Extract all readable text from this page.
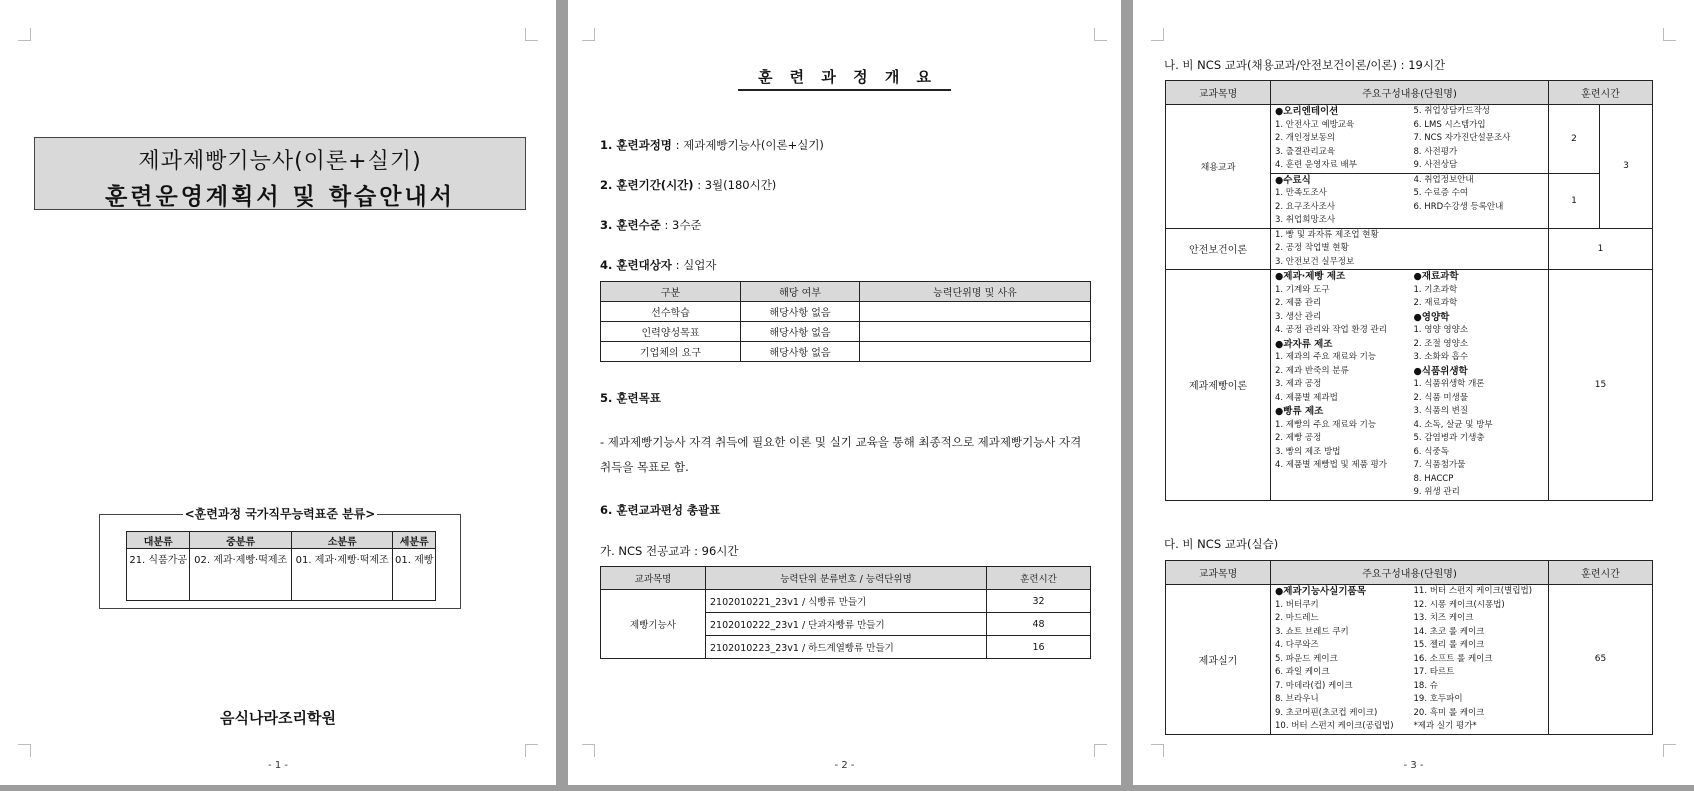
제과제빵기능사(이론+실기)
훈련운영계획서 및 학습안내서
<훈련과정 국가직무능력표준 분류>
대분류	중분류	소분류	세분류
21. 식품가공	02. 제과·제빵·떡제조	01. 제과·제빵·떡제조	01. 제빵
음식나라조리학원
- 1 -
훈 련 과 정 개 요
1. 훈련과정명 : 제과제빵기능사(이론+실기)
2. 훈련기간(시간) : 3월(180시간)
3. 훈련수준 : 3수준
4. 훈련대상자 : 실업자
구분	해당 여부	능력단위명 및 사유
선수학습	해당사항 없음	
인력양성목표	해당사항 없음	
기업체의 요구	해당사항 없음	
5. 훈련목표
- 제과제빵기능사 자격 취득에 필요한 이론 및 실기 교육을 통해 최종적으로 제과제빵기능사 자격 취득을 목표로 함.
6. 훈련교과편성 총괄표
가. NCS 전공교과 : 96시간
교과목명	능력단위 분류번호 / 능력단위명	훈련시간
제빵기능사	2102010221_23v1 / 식빵류 만들기	32
	2102010222_23v1 / 단과자빵류 만들기	48
	2102010223_23v1 / 하드계열빵류 만들기	16
- 2 -
나. 비 NCS 교과(채용교과/안전보건이론/이론) : 19시간
교과목명	주요구성내용(단원명)	훈련시간
채용교과	
●오리엔테이션
1. 안전사고 예방교육
2. 개인정보동의
3. 출결관리교육
4. 훈련 운영자료 배부

5. 취업상담카드작성
6. LMS 시스템가입
7. NCS 자가진단설문조사
8. 사전평가
9. 사전상담
	2	3

●수료식
1. 만족도조사
2. 요구조사조사
3. 취업희망조사

4. 취업정보안내
5. 수료증 수여
6. HRD수강생 등록안내
	1
안전보건이론	
1. 빵 및 과자류 제조업 현황
2. 공정 작업별 현황
3. 안전보건 실무정보
	1
제과제빵이론	
●제과·제빵 제조
1. 기계와 도구
2. 제품 관리
3. 생산 관리
4. 공정 관리와 작업 환경 관리
●과자류 제조
1. 제과의 주요 재료와 기능
2. 제과 반죽의 분류
3. 제과 공정
4. 제품별 제과법
●빵류 제조
1. 제빵의 주요 재료와 기능
2. 제빵 공정
3. 빵의 제조 방법
4. 제품별 제빵법 및 제품 평가

●재료과학
1. 기초과학
2. 재료과학
●영양학
1. 영양 영양소
2. 조절 영양소
3. 소화와 흡수
●식품위생학
1. 식품위생학 개론
2. 식품 미생물
3. 식품의 변질
4. 소독, 살균 및 방부
5. 감염병과 기생충
6. 식중독
7. 식품첨가물
8. HACCP
9. 위생 관리
	15
다. 비 NCS 교과(실습)
교과목명	주요구성내용(단원명)	훈련시간
제과실기	
●제과기능사실기품목
1. 버터쿠키
2. 마드레느
3. 쇼트 브레드 쿠키
4. 다쿠와즈
5. 파운드 케이크
6. 과일 케이크
7. 마데라(컵) 케이크
8. 브라우니
9. 초코머핀(초코컵 케이크)
10. 버터 스펀지 케이크(공립법)

11. 버터 스펀지 케이크(별립법)
12. 시퐁 케이크(시퐁법)
13. 치즈 케이크
14. 초코 롤 케이크
15. 젤리 롤 케이크
16. 소프트 롤 케이크
17. 타르트
18. 슈
19. 호두파이
20. 흑미 롤 케이크
*제과 실기 평가*
	65
- 3 -
